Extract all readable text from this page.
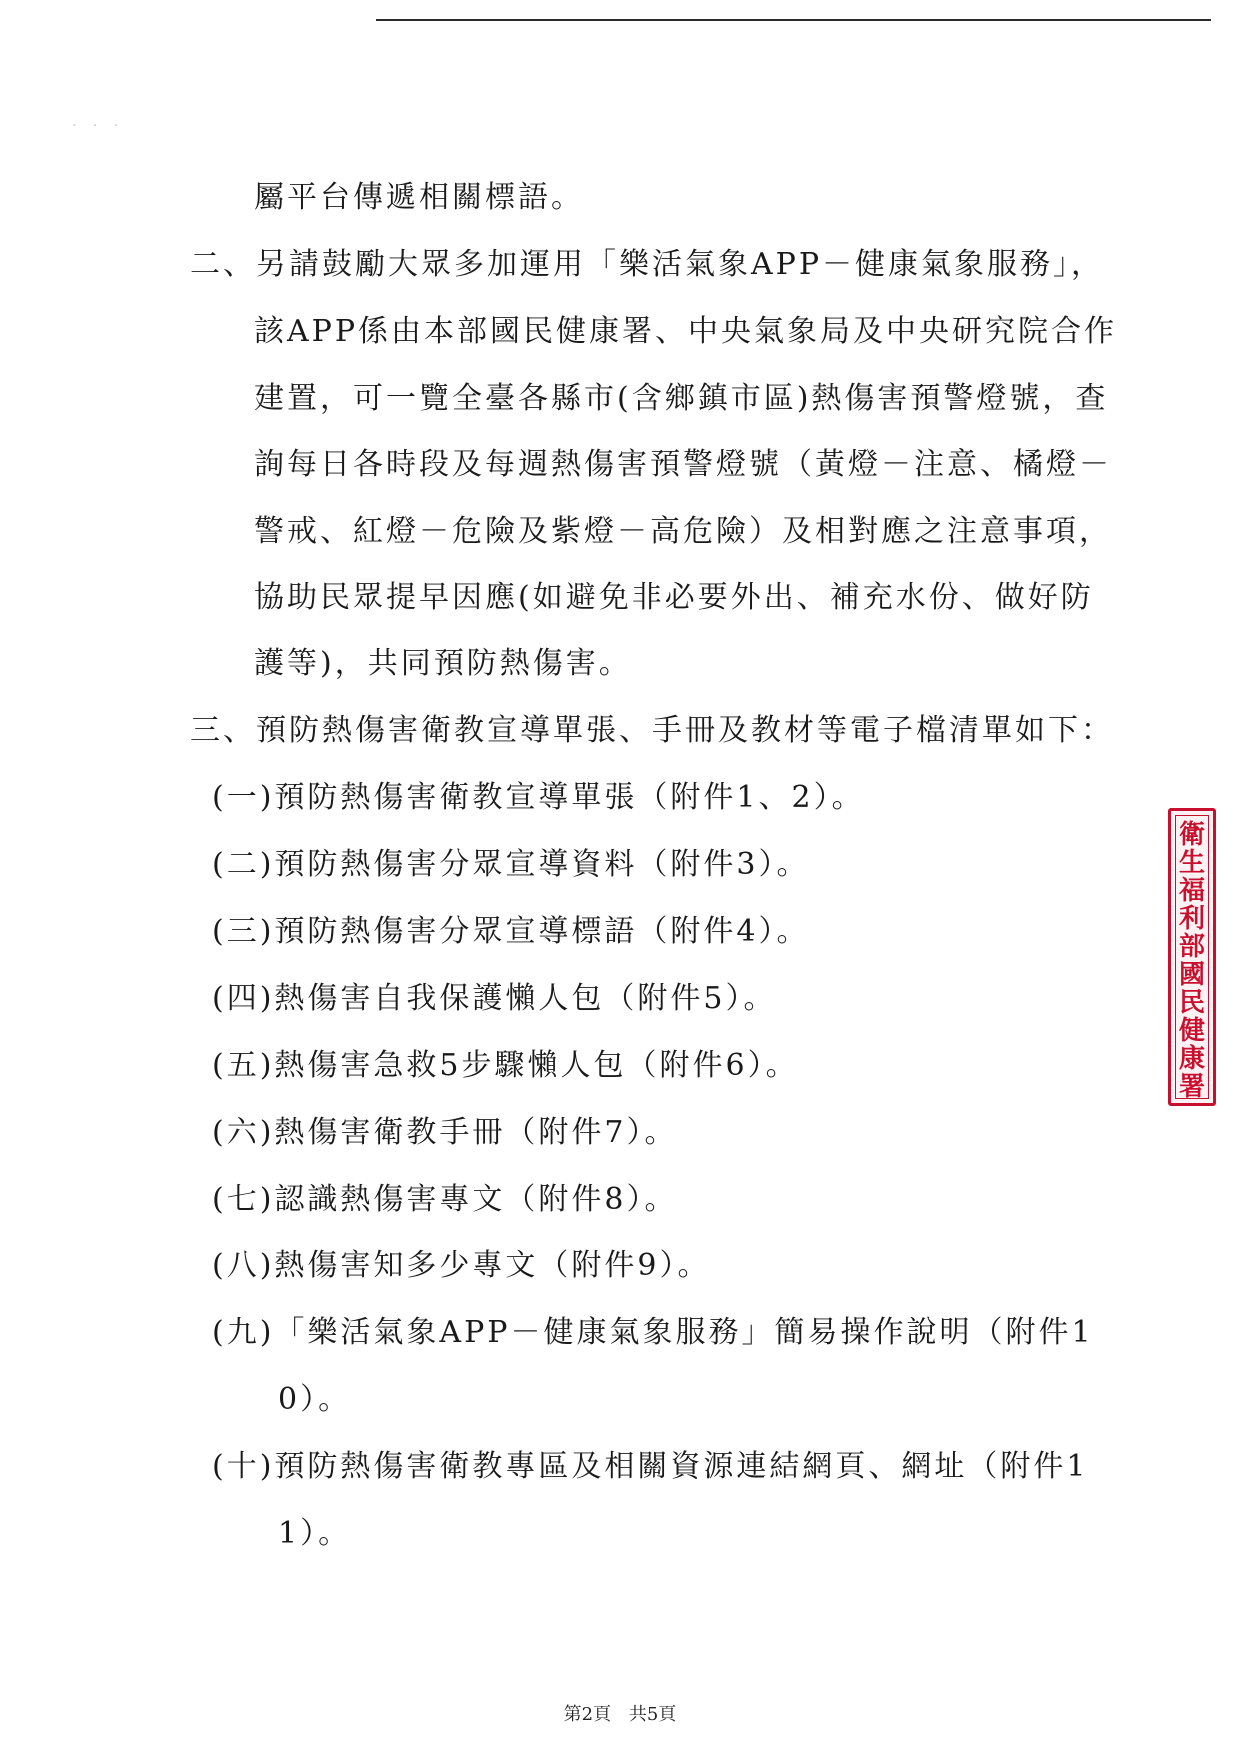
· · ·
屬平台傳遞相關標語。
二、另請鼓勵大眾多加運用「樂活氣象APP－健康氣象服務」，
該APP係由本部國民健康署、中央氣象局及中央研究院合作
建置，可一覽全臺各縣市(含鄉鎮市區)熱傷害預警燈號，查
詢每日各時段及每週熱傷害預警燈號（黃燈－注意、橘燈－
警戒、紅燈－危險及紫燈－高危險）及相對應之注意事項，
協助民眾提早因應(如避免非必要外出、補充水份、做好防
護等)，共同預防熱傷害。
三、預防熱傷害衛教宣導單張、手冊及教材等電子檔清單如下：
(一)預防熱傷害衛教宣導單張（附件1、2）。
(二)預防熱傷害分眾宣導資料（附件3）。
(三)預防熱傷害分眾宣導標語（附件4）。
(四)熱傷害自我保護懶人包（附件5）。
(五)熱傷害急救5步驟懶人包（附件6）。
(六)熱傷害衛教手冊（附件7）。
(七)認識熱傷害專文（附件8）。
(八)熱傷害知多少專文（附件9）。
(九)「樂活氣象APP－健康氣象服務」簡易操作說明（附件1
0）。
(十)預防熱傷害衛教專區及相關資源連結網頁、網址（附件1
1）。
衛生福利部國民健康署
第2頁 共5頁
